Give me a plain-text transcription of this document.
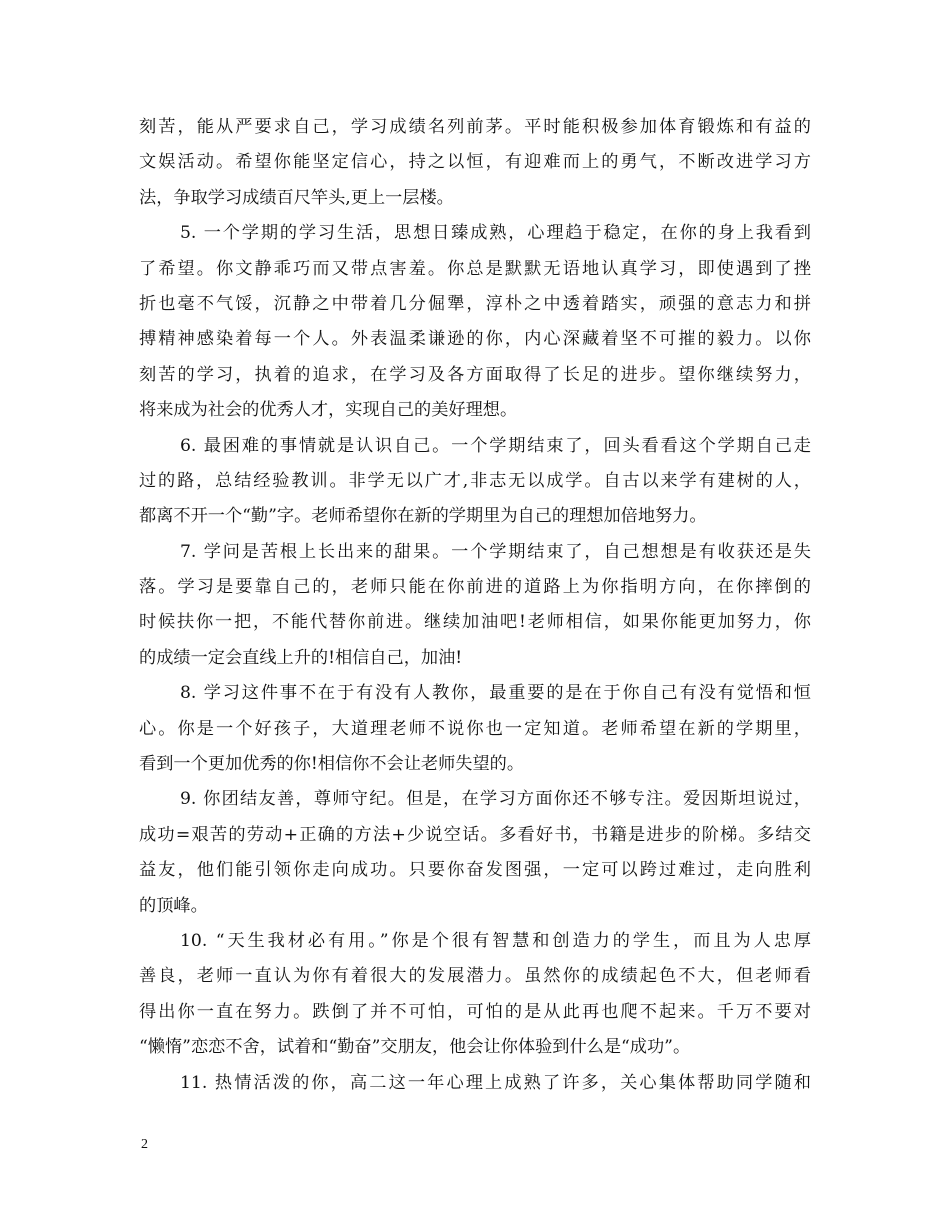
刻苦，能从严要求自己，学习成绩名列前茅。平时能积极参加体育锻炼和有益的
文娱活动。希望你能坚定信心，持之以恒，有迎难而上的勇气，不断改进学习方
法，争取学习成绩百尺竿头,更上一层楼。
5. 一个学期的学习生活，思想日臻成熟，心理趋于稳定，在你的身上我看到
了希望。你文静乖巧而又带点害羞。你总是默默无语地认真学习，即使遇到了挫
折也毫不气馁，沉静之中带着几分倔犟，淳朴之中透着踏实，顽强的意志力和拼
搏精神感染着每一个人。外表温柔谦逊的你，内心深藏着坚不可摧的毅力。以你
刻苦的学习，执着的追求，在学习及各方面取得了长足的进步。望你继续努力，
将来成为社会的优秀人才，实现自己的美好理想。
6. 最困难的事情就是认识自己。一个学期结束了，回头看看这个学期自己走
过的路，总结经验教训。非学无以广才,非志无以成学。自古以来学有建树的人，
都离不开一个“勤”字。老师希望你在新的学期里为自己的理想加倍地努力。
7. 学问是苦根上长出来的甜果。一个学期结束了，自己想想是有收获还是失
落。学习是要靠自己的，老师只能在你前进的道路上为你指明方向，在你摔倒的
时候扶你一把，不能代替你前进。继续加油吧!老师相信，如果你能更加努力，你
的成绩一定会直线上升的!相信自己，加油!
8. 学习这件事不在于有没有人教你，最重要的是在于你自己有没有觉悟和恒
心。你是一个好孩子，大道理老师不说你也一定知道。老师希望在新的学期里，
看到一个更加优秀的你!相信你不会让老师失望的。
9. 你团结友善，尊师守纪。但是，在学习方面你还不够专注。爱因斯坦说过，
成功=艰苦的劳动+正确的方法+少说空话。多看好书，书籍是进步的阶梯。多结交
益友，他们能引领你走向成功。只要你奋发图强，一定可以跨过难过，走向胜利
的顶峰。
10. “天生我材必有用。”你是个很有智慧和创造力的学生，而且为人忠厚
善良，老师一直认为你有着很大的发展潜力。虽然你的成绩起色不大，但老师看
得出你一直在努力。跌倒了并不可怕，可怕的是从此再也爬不起来。千万不要对
“懒惰”恋恋不舍，试着和“勤奋”交朋友，他会让你体验到什么是“成功”。
11. 热情活泼的你，高二这一年心理上成熟了许多，关心集体帮助同学随和
2
